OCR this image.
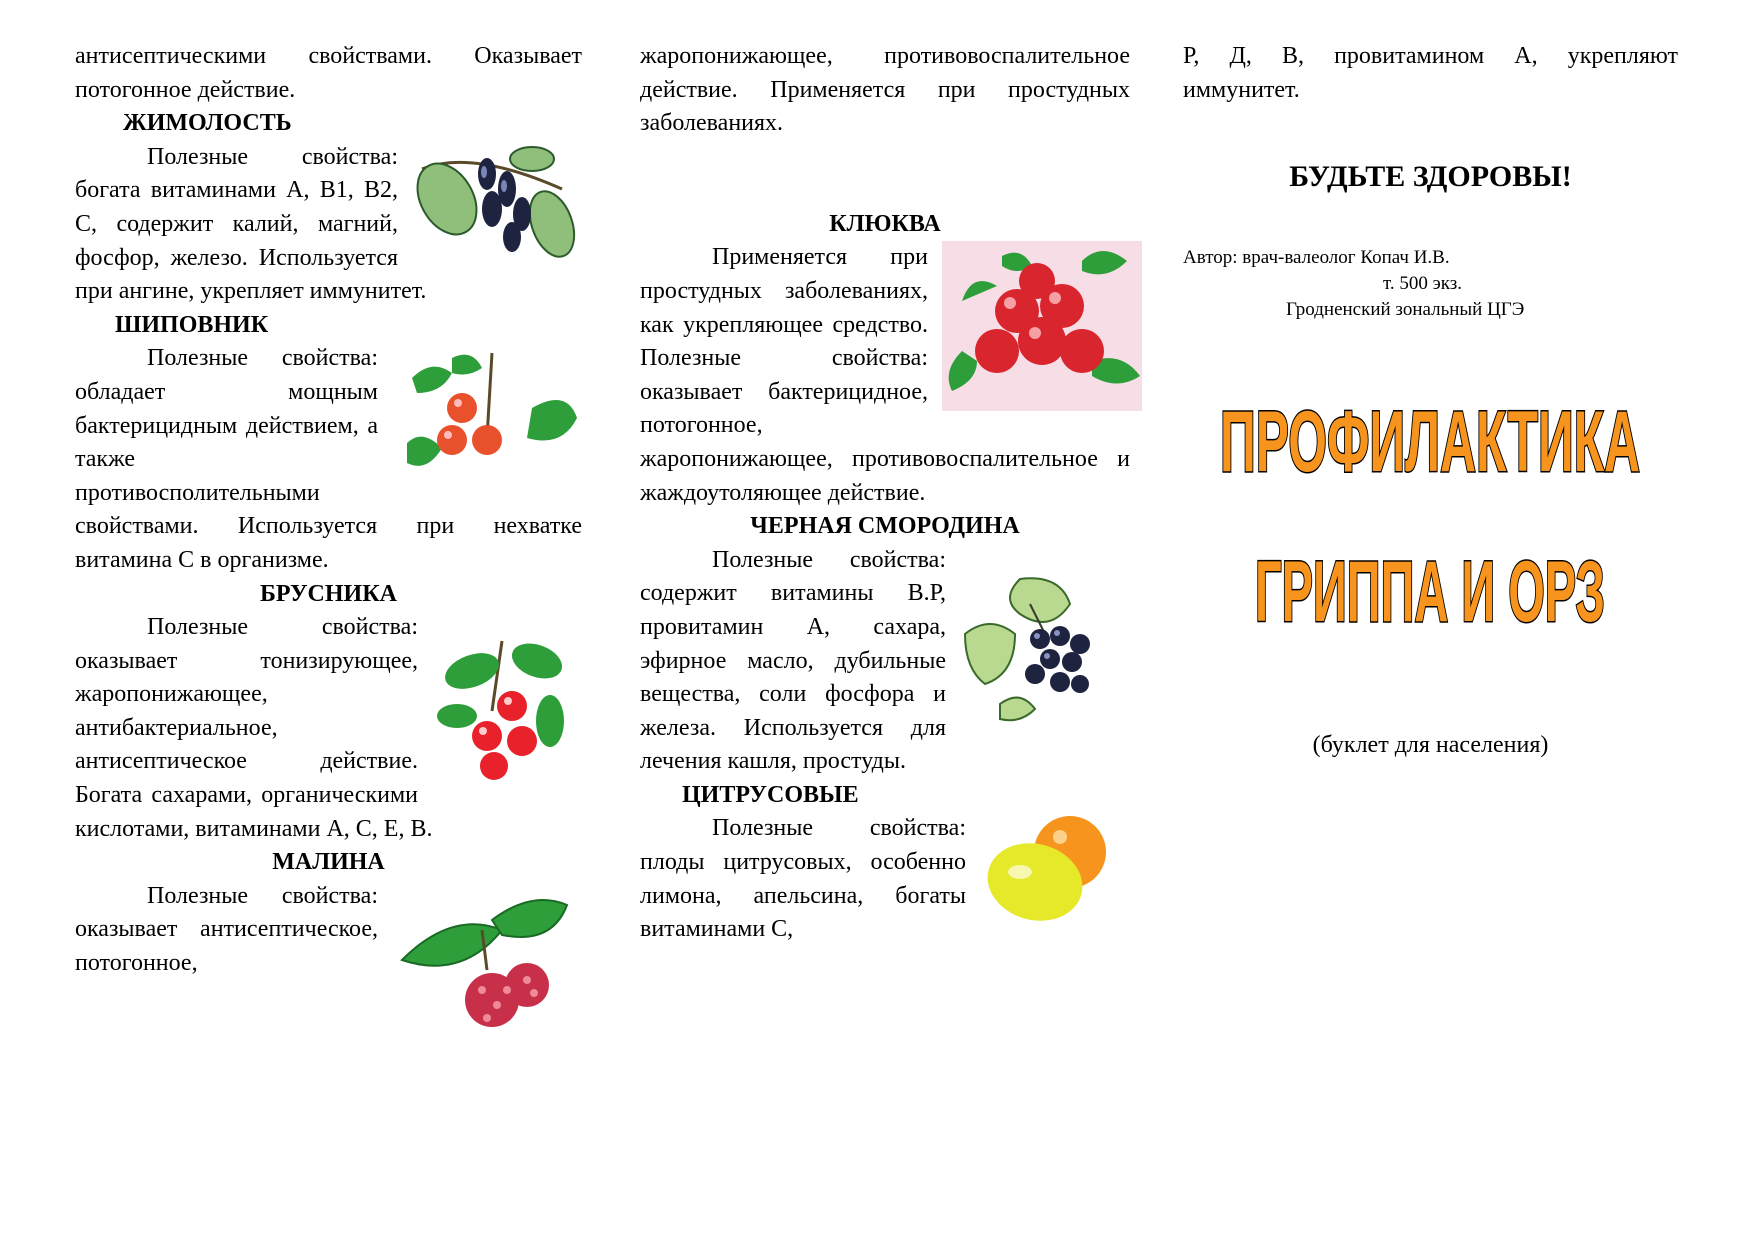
антисептическими свойствами. Оказывает потогонное действие.

ЖИМОЛОСТЬ

Полезные свойства: богата витаминами А, В1, В2, С, содержит калий, магний, фосфор, железо. Используется при ангине, укрепляет иммунитет.

ШИПОВНИК

Полезные свойства: обладает мощным бактерицидным действием, а также противосполительными свойствами. Используется при нехватке витамина С в организме.

БРУСНИКА

Полезные свойства: оказывает тонизирующее, жаропонижающее, антибактериальное, антисептическое действие. Богата сахарами, органическими кислотами, витаминами А, С, Е, В.

МАЛИНА

Полезные свойства: оказывает антисептическое, потогонное,

жаропонижающее, противовоспалительное действие. Применяется при простудных заболеваниях.

КЛЮКВА

Применяется при простудных заболеваниях, как укрепляющее средство. Полезные свойства: оказывает бактерицидное, потогонное, жаропонижающее, противовоспалительное и жаждоутоляющее действие.

ЧЕРНАЯ СМОРОДИНА

Полезные свойства: содержит витамины В.Р, провитамин А, сахара, эфирное масло, дубильные вещества, соли фосфора и железа. Используется для лечения кашля, простуды.

ЦИТРУСОВЫЕ

Полезные свойства: плоды цитрусовых, особенно лимона, апельсина, богаты витаминами С,

Р, Д, В, провитамином А, укрепляют иммунитет.

БУДЬТЕ ЗДОРОВЫ!
Автор: врач-валеолог Копач И.В.
т. 500 экз.
Гродненский зональный ЦГЭ
ПРОФИЛАКТИКА
ГРИППА И ОРЗ
(буклет для населения)
